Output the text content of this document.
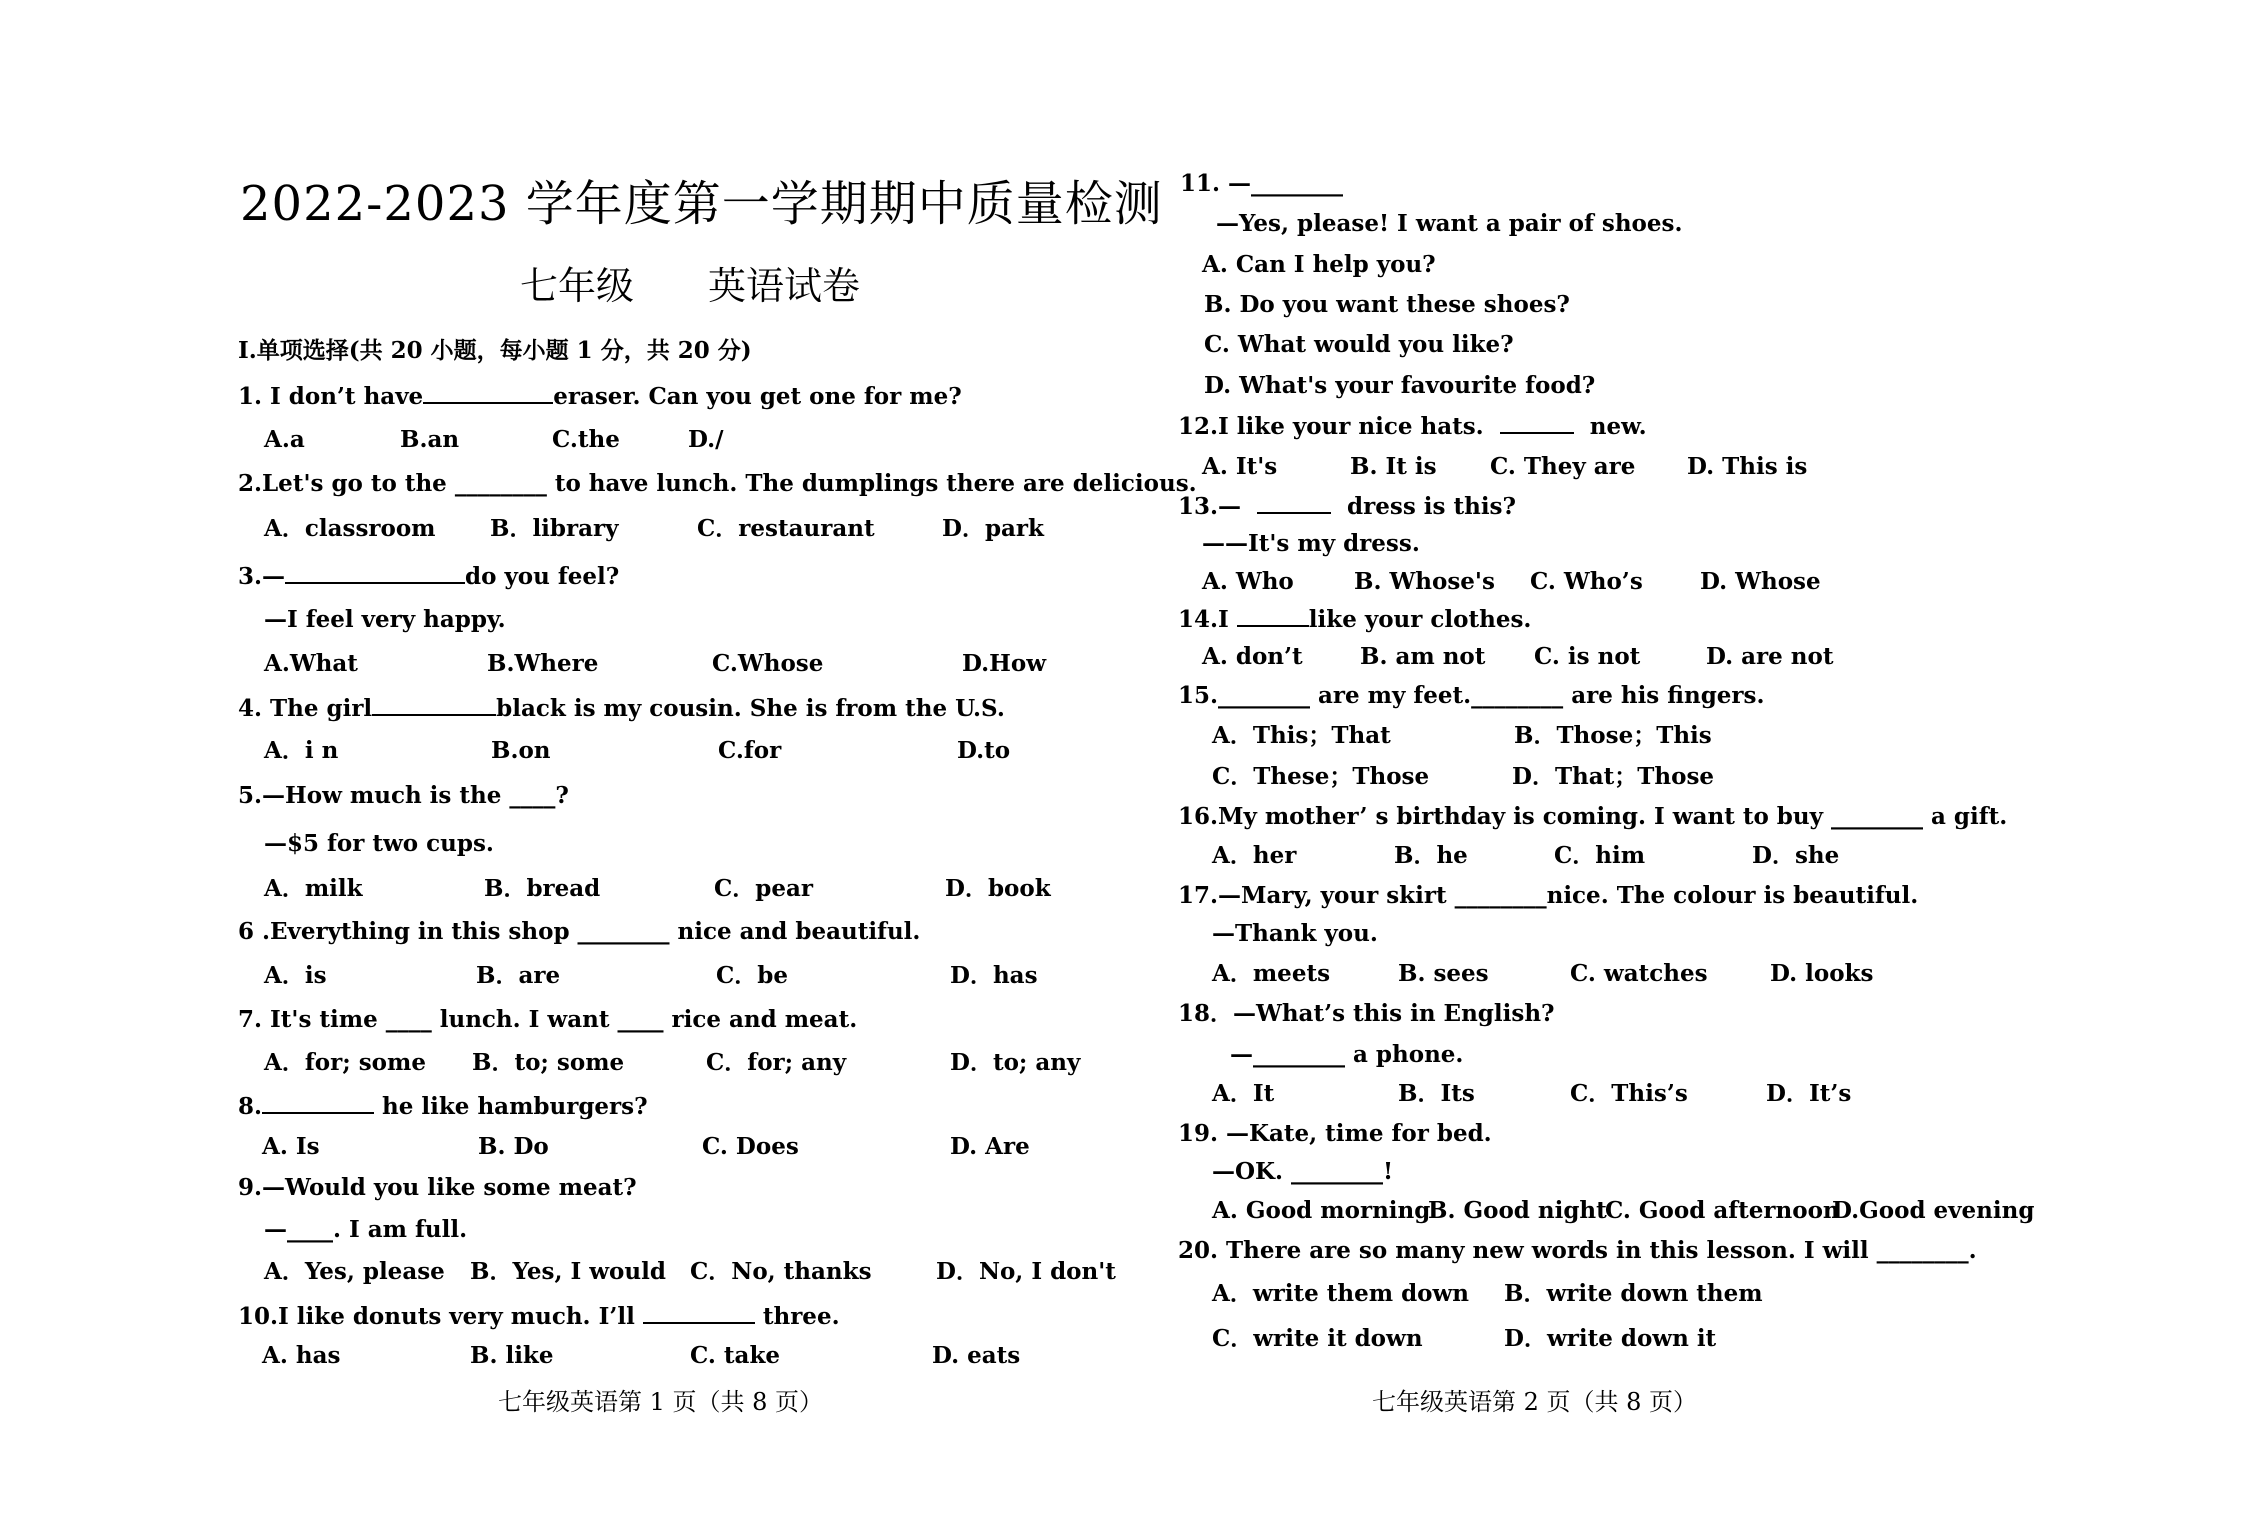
2022-2023 学年度第一学期期中质量检测
七年级 英语试卷
I.单项选择(共 20 小题，每小题 1 分，共 20 分)
1. I don’t have	eraser. Can you get one for me?
A.a	B.an	C.the	D./
2.Let's go to the ________ to have lunch. The dumplings there are delicious.
A．classroom B．library	C．restaurant	D．park
3.—	do you feel?
—I feel very happy.
A.What	B.Where	C.Whose	D.How
4. The girl	black is my cousin. She is from the U.S.
A．i n	B.on	C.for	D.to
5.—How much is the ____?
—$5 for two cups.
A．milk	B．bread	C．pear	D．book
6 .Everything in this shop ________ nice and beautiful.
A．is	B．are	C．be	D．has
7. It's time ____ lunch. I want ____ rice and meat.
A．for; some B．to; some	C．for; any	D．to; any
8.	he like hamburgers?
A. Is	B. Do	C. Does	D. Are
9.—Would you like some meat?
—____. I am full.
A．Yes, please B．Yes, I would C．No, thanks	D．No, I don't
10.I like donuts very much. I’ll	three.
A. has	B. like	C. take	D. eats
七年级英语第 1 页（共 8 页）
11. —________
—Yes, please! I want a pair of shoes.
A. Can I help you?
B. Do you want these shoes?
C. What would you like?
D. What's your favourite food?
12.I like your nice hats.	new.
A. It's	B. It is C. They are D. This is
13.—	dress is this?
——It's my dress.
A. Who	B. Whose's C. Who’s D. Whose
14.I	like your clothes.
A. don’t B. am not C. is not	D. are not
15.________ are my feet.________ are his fingers.
A．This；That	B．Those；This
C．These；Those	D．That；Those
16.My mother’ s birthday is coming. I want to buy ________ a gift.
A．her	B．he	C．him	D．she
17.—Mary, your skirt ________nice. The colour is beautiful.
—Thank you.
A．meets	B. sees	C. watches	D. looks
18．—What’s this in English?
—________ a phone.
A．It	B．Its	C．This’s	D．It’s
19. —Kate, time for bed.
—OK. ________!
A. Good morning
B. Good night
C. Good afternoon
D.Good evening
20. There are so many new words in this lesson. I will ________.
A．write them down B．write down them
C．write it down	D．write down it
七年级英语第 2 页（共 8 页）
